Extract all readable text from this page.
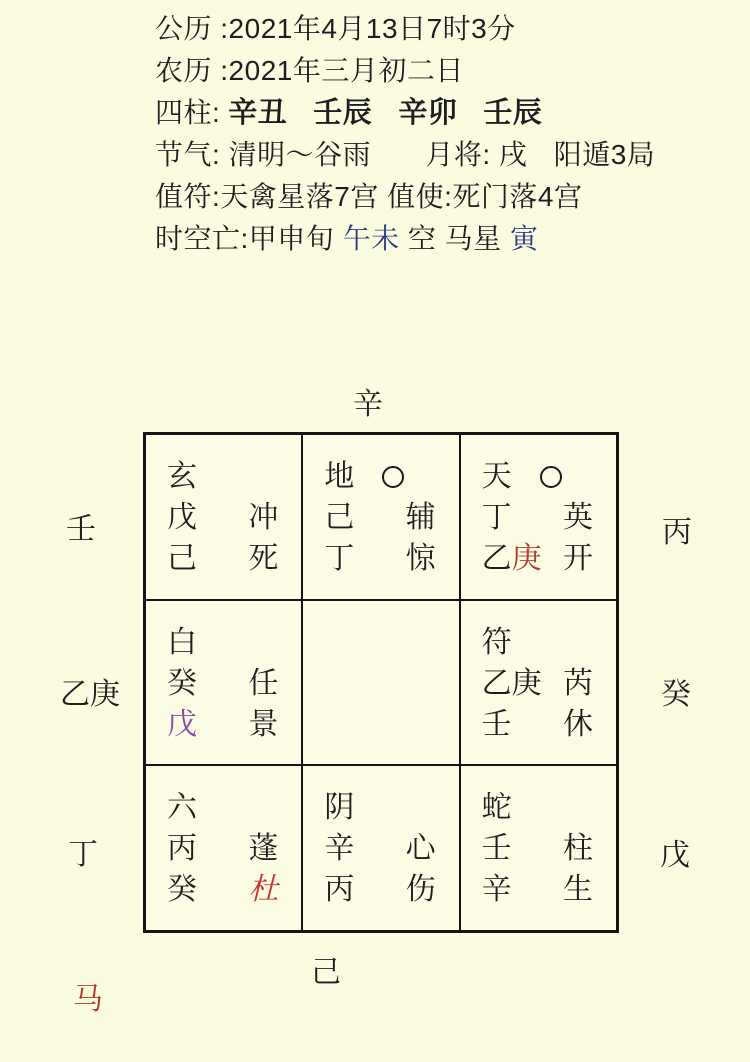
公历 :2021年4月13日7时3分
农历 :2021年三月初二日
四柱: 辛丑 壬辰 辛卯 壬辰
节气: 清明～谷雨 月将: 戌 阳遁3局
值符:天禽星落7宫 值使:死门落4宫
时空亡:甲申旬 午未 空 马星 寅
辛
壬
乙庚
丁
丙
癸
戊
己
马
玄
戊 冲
己 死
地
己 辅
丁 惊
天
丁 英
乙庚 开
白
癸 任
戊 景
符
乙庚 芮
壬 休
六
丙 蓬
癸 杜
阴
辛 心
丙 伤
蛇
壬 柱
辛 生
